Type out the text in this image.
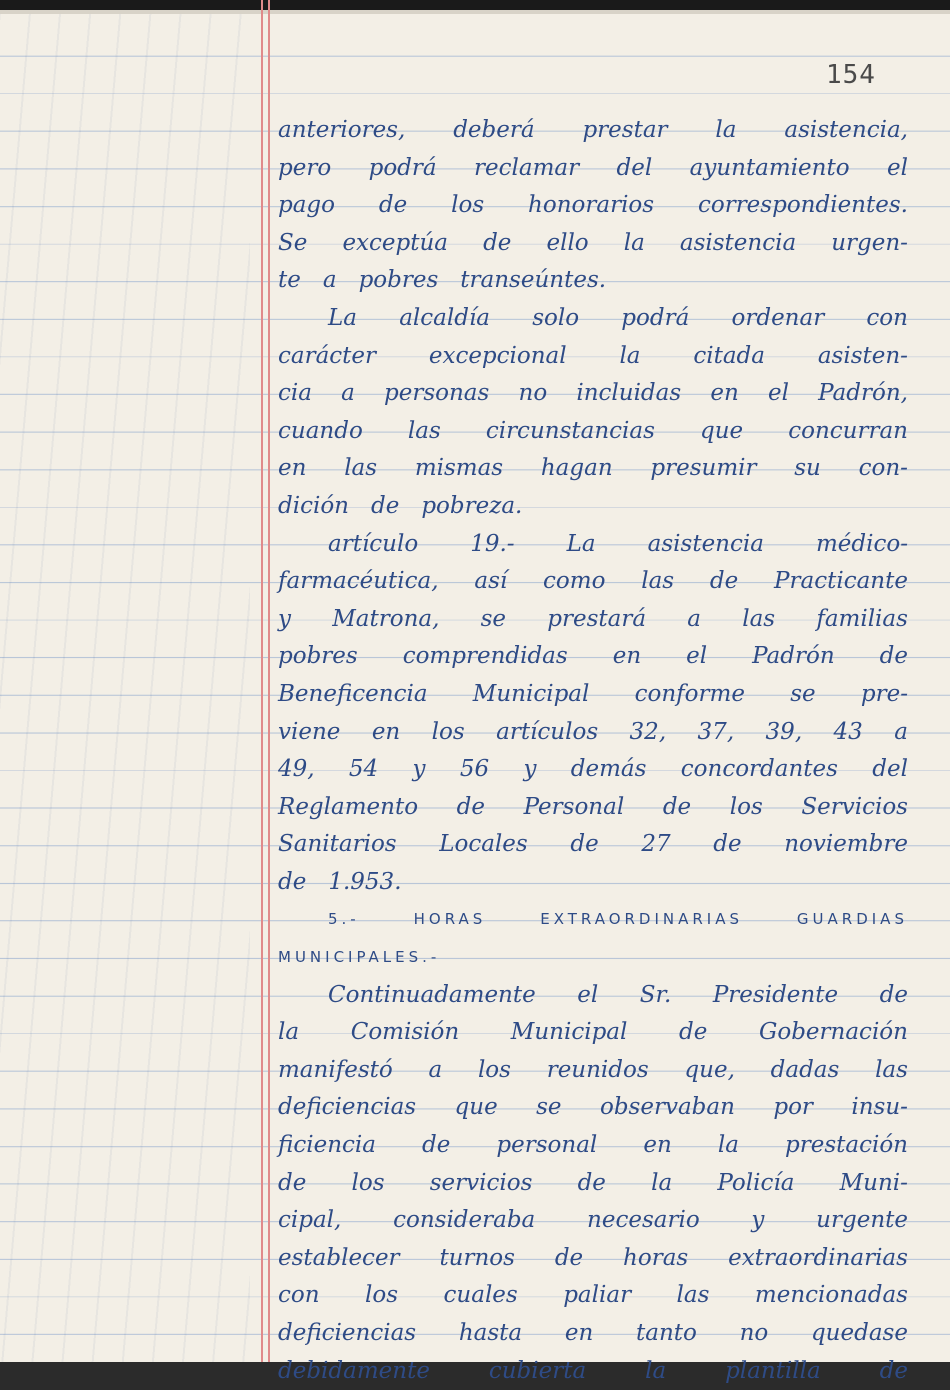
154
anteriores, deberá prestar la asistencia,
pero podrá reclamar del ayuntamiento el
pago de los honorarios correspondientes.
Se exceptúa de ello la asistencia urgen-
te a pobres transeúntes.
La alcaldía solo podrá ordenar con
carácter excepcional la citada asisten-
cia a personas no incluidas en el Padrón,
cuando las circunstancias que concurran
en las mismas hagan presumir su con-
dición de pobreza.
artículo 19.- La asistencia médico-
farmacéutica, así como las de Practicante
y Matrona, se prestará a las familias
pobres comprendidas en el Padrón de
Beneficencia Municipal conforme se pre-
viene en los artículos 32, 37, 39, 43 a
49, 54 y 56 y demás concordantes del
Reglamento de Personal de los Servicios
Sanitarios Locales de 27 de noviembre
de 1.953.
5.-	HORAS	EXTRAORDINARIAS	GUARDIAS
MUNICIPALES.-
Continuadamente el Sr. Presidente de
la Comisión Municipal de Gobernación
manifestó a los reunidos que, dadas las
deficiencias que se observaban por insu-
ficiencia de personal en la prestación
de los servicios de la Policía Muni-
cipal, consideraba necesario y urgente
establecer turnos de horas extraordinarias
con los cuales paliar las mencionadas
deficiencias hasta en tanto no quedase
debidamente	cubierta	la	plantilla	de
